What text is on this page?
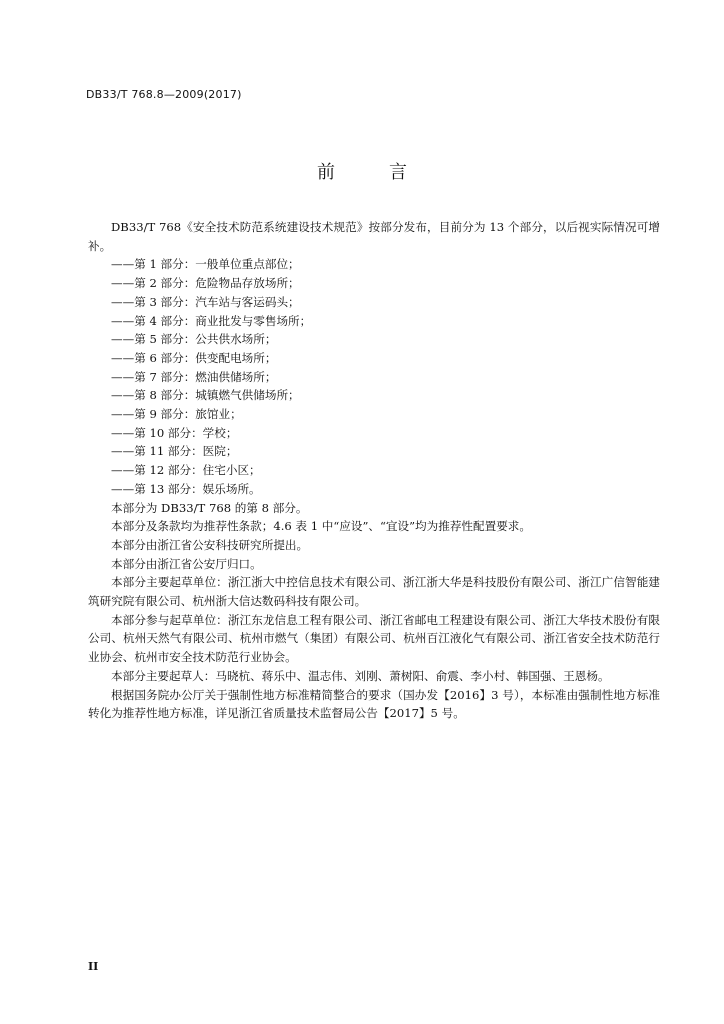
DB33/T 768.8—2009(2017)
前	言

DB33/T 768《安全技术防范系统建设技术规范》按部分发布，目前分为 13 个部分，以后视实际情况可增补。

——第 1 部分：一般单位重点部位；

——第 2 部分：危险物品存放场所；

——第 3 部分：汽车站与客运码头；

——第 4 部分：商业批发与零售场所；

——第 5 部分：公共供水场所；

——第 6 部分：供变配电场所；

——第 7 部分：燃油供储场所；

——第 8 部分：城镇燃气供储场所；

——第 9 部分：旅馆业；

——第 10 部分：学校；

——第 11 部分：医院；

——第 12 部分：住宅小区；

——第 13 部分：娱乐场所。

本部分为 DB33/T 768 的第 8 部分。

本部分及条款均为推荐性条款；4.6 表 1 中“应设”、“宜设”均为推荐性配置要求。

本部分由浙江省公安科技研究所提出。

本部分由浙江省公安厅归口。

本部分主要起草单位：浙江浙大中控信息技术有限公司、浙江浙大华是科技股份有限公司、浙江广信智能建筑研究院有限公司、杭州浙大信达数码科技有限公司。

本部分参与起草单位：浙江东龙信息工程有限公司、浙江省邮电工程建设有限公司、浙江大华技术股份有限公司、杭州天然气有限公司、杭州市燃气（集团）有限公司、杭州百江液化气有限公司、浙江省安全技术防范行业协会、杭州市安全技术防范行业协会。

本部分主要起草人：马晓杭、蒋乐中、温志伟、刘刚、萧树阳、俞震、李小村、韩国强、王恩杨。

根据国务院办公厅关于强制性地方标准精简整合的要求（国办发【2016】3 号），本标准由强制性地方标准转化为推荐性地方标准，详见浙江省质量技术监督局公告【2017】5 号。

II
